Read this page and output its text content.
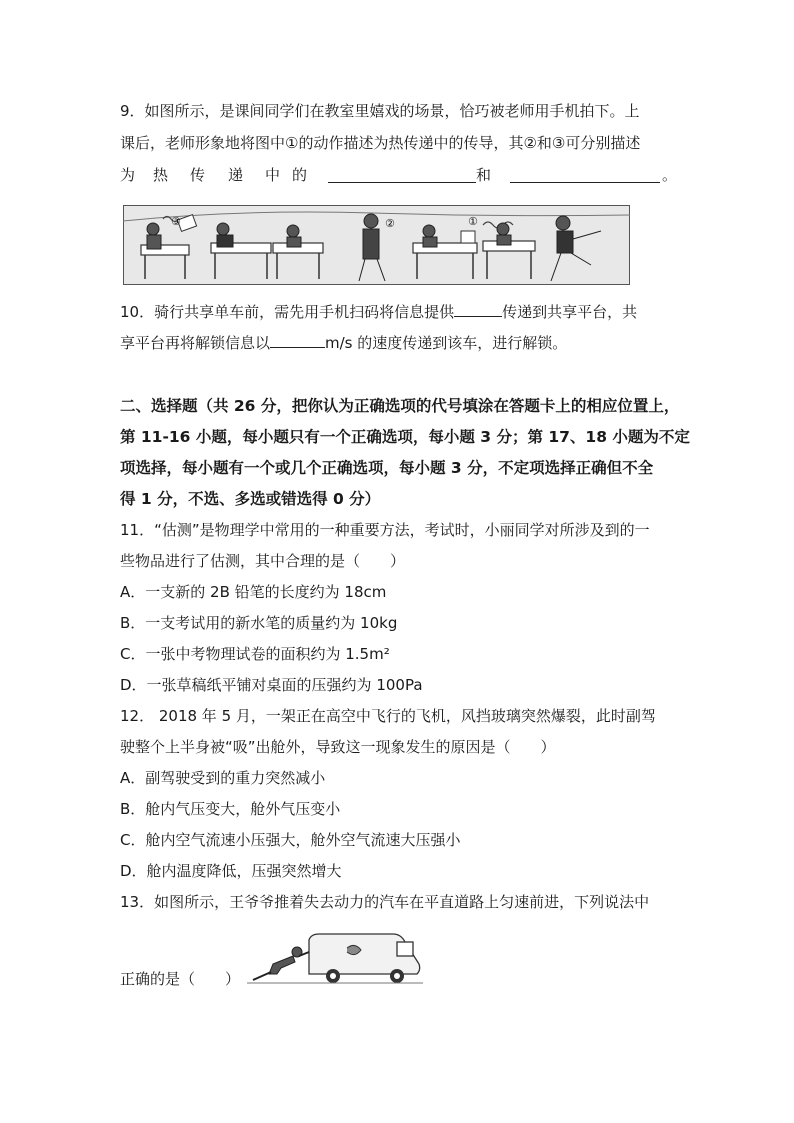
9．如图所示，是课间同学们在教室里嬉戏的场景，恰巧被老师用手机拍下。上
课后，老师形象地将图中①的动作描述为热传递中的传导，其②和③可分别描述
为 热 传 递 中 的	和	。
③	②	①
10．骑行共享单车前，需先用手机扫码将信息提供	传递到共享平台，共
享平台再将解锁信息以	m/s 的速度传递到该车，进行解锁。
二、选择题（共 26 分，把你认为正确选项的代号填涂在答题卡上的相应位置上，
第 11-16 小题，每小题只有一个正确选项，每小题 3 分；第 17、18 小题为不定
项选择，每小题有一个或几个正确选项，每小题 3 分，不定项选择正确但不全
得 1 分，不选、多选或错选得 0 分）
11．“估测”是物理学中常用的一种重要方法，考试时，小丽同学对所涉及到的一
些物品进行了估测，其中合理的是（　　）
A．一支新的 2B 铅笔的长度约为 18cm
B．一支考试用的新水笔的质量约为 10kg
C．一张中考物理试卷的面积约为 1.5m²
D．一张草稿纸平铺对桌面的压强约为 100Pa
12． 2018 年 5 月，一架正在高空中飞行的飞机，风挡玻璃突然爆裂，此时副驾
驶整个上半身被“吸”出舱外，导致这一现象发生的原因是（　　）
A．副驾驶受到的重力突然减小
B．舱内气压变大，舱外气压变小
C．舱内空气流速小压强大，舱外空气流速大压强小
D．舱内温度降低，压强突然增大
13．如图所示，王爷爷推着失去动力的汽车在平直道路上匀速前进，下列说法中
正确的是（　　）
